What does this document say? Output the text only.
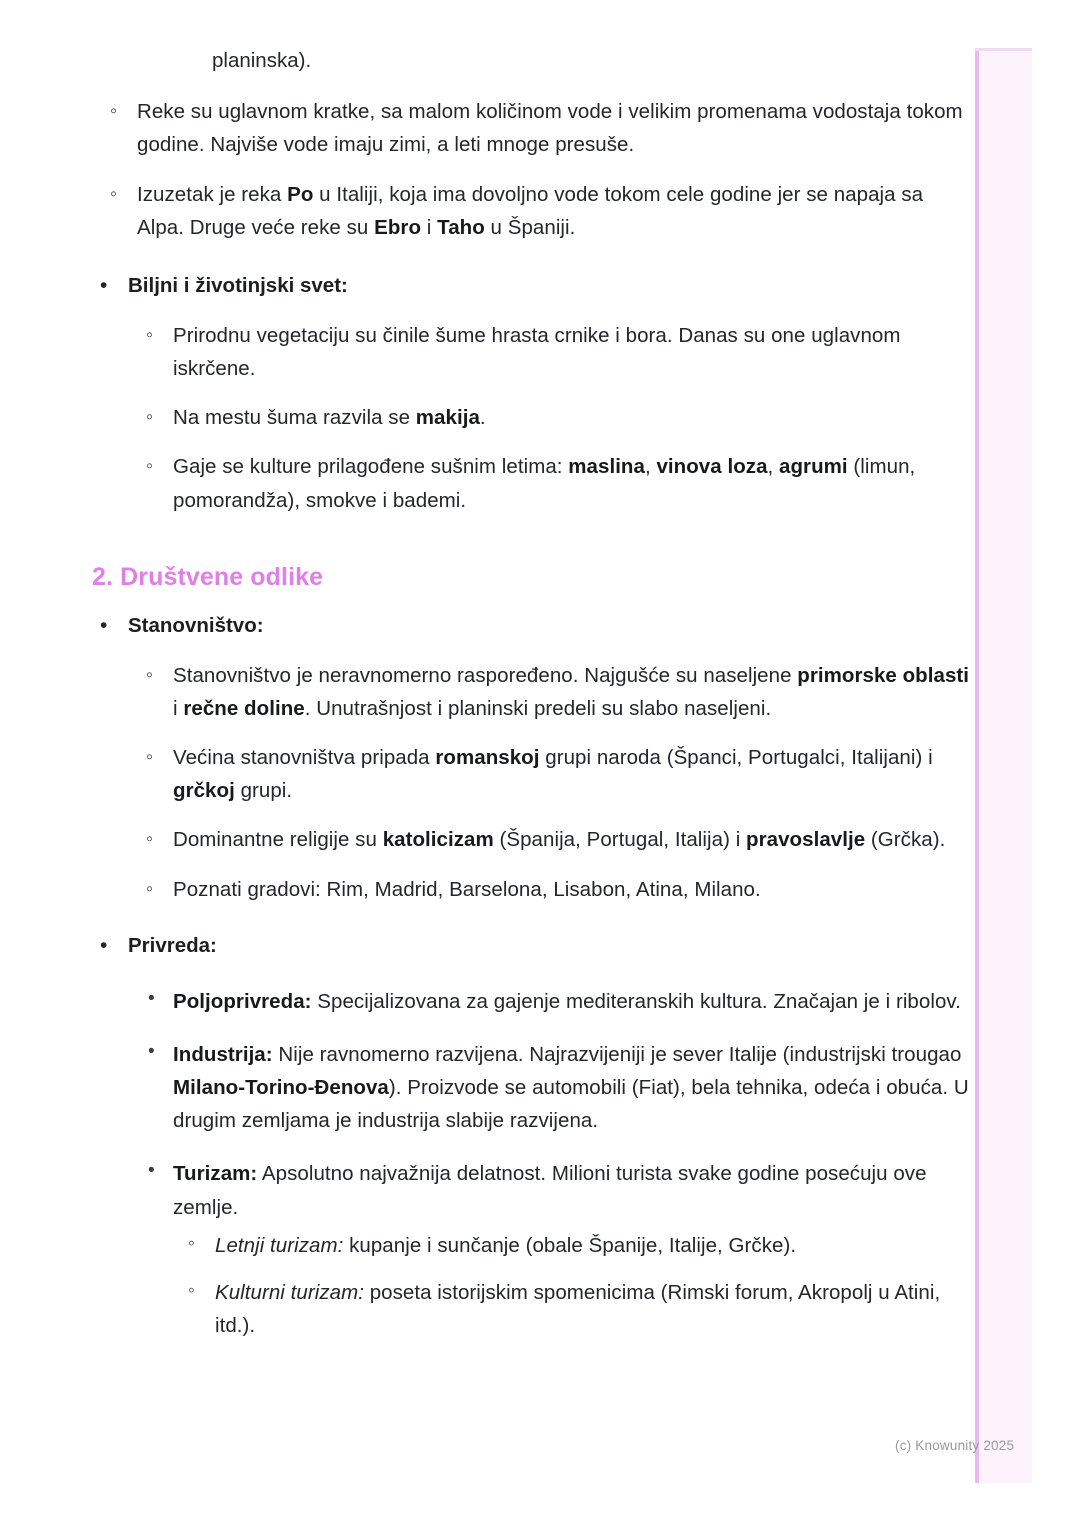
planinska).
◦ Reke su uglavnom kratke, sa malom količinom vode i velikim promenama vodostaja tokom godine. Najviše vode imaju zimi, a leti mnoge presuše.
◦ Izuzetak je reka Po u Italiji, koja ima dovoljno vode tokom cele godine jer se napaja sa Alpa. Druge veće reke su Ebro i Taho u Španiji.
• Biljni i životinjski svet:
◦ Prirodnu vegetaciju su činile šume hrasta crnike i bora. Danas su one uglavnom iskrčene.
◦ Na mestu šuma razvila se makija.
◦ Gaje se kulture prilagođene sušnim letima: maslina, vinova loza, agrumi (limun, pomorandža), smokve i bademi.
2. Društvene odlike
• Stanovništvo:
◦ Stanovništvo je neravnomerno raspoređeno. Najgušće su naseljene primorske oblasti i rečne doline. Unutrašnjost i planinski predeli su slabo naseljeni.
◦ Većina stanovništva pripada romanskoj grupi naroda (Španci, Portugalci, Italijani) i grčkoj grupi.
◦ Dominantne religije su katolicizam (Španija, Portugal, Italija) i pravoslavlje (Grčka).
◦ Poznati gradovi: Rim, Madrid, Barselona, Lisabon, Atina, Milano.
• Privreda:
• Poljoprivreda: Specijalizovana za gajenje mediteranskih kultura. Značajan je i ribolov.
• Industrija: Nije ravnomerno razvijena. Najrazvijeniji je sever Italije (industrijski trougao Milano-Torino-Đenova). Proizvode se automobili (Fiat), bela tehnika, odeća i obuća. U drugim zemljama je industrija slabije razvijena.
• Turizam: Apsolutno najvažnija delatnost. Milioni turista svake godine posećuju ove zemlje.
◦ Letnji turizam: kupanje i sunčanje (obale Španije, Italije, Grčke).
◦ Kulturni turizam: poseta istorijskim spomenicima (Rimski forum, Akropolj u Atini, itd.).
(c) Knowunity 2025
